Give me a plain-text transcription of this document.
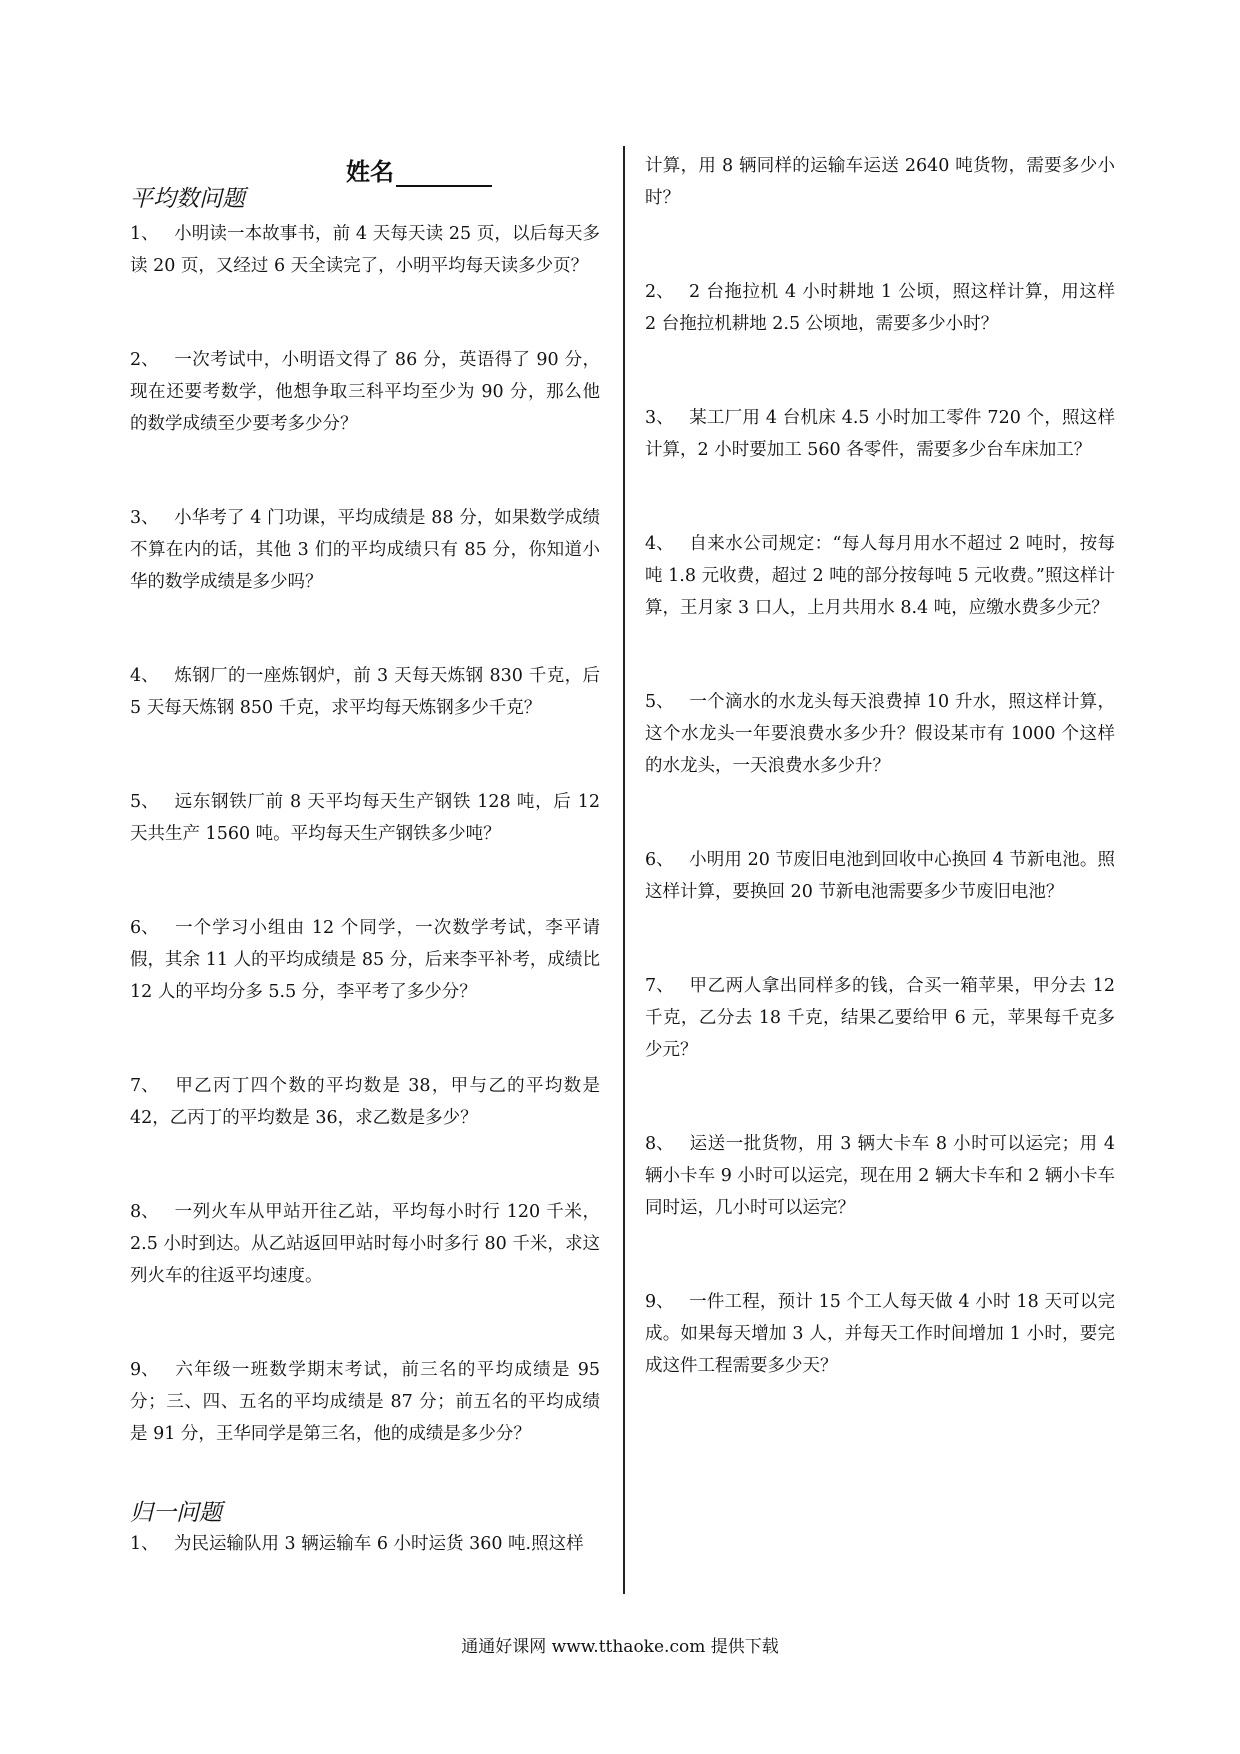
姓名

平均数问题

1、 小明读一本故事书，前 4 天每天读 25 页，以后每天多读 20 页，又经过 6 天全读完了，小明平均每天读多少页？

2、 一次考试中，小明语文得了 86 分，英语得了 90 分，现在还要考数学，他想争取三科平均至少为 90 分，那么他的数学成绩至少要考多少分？

3、 小华考了 4 门功课，平均成绩是 88 分，如果数学成绩不算在内的话，其他 3 们的平均成绩只有 85 分，你知道小华的数学成绩是多少吗？

4、 炼钢厂的一座炼钢炉，前 3 天每天炼钢 830 千克，后 5 天每天炼钢 850 千克，求平均每天炼钢多少千克？

5、 远东钢铁厂前 8 天平均每天生产钢铁 128 吨，后 12 天共生产 1560 吨。平均每天生产钢铁多少吨？

6、 一个学习小组由 12 个同学，一次数学考试，李平请假，其余 11 人的平均成绩是 85 分，后来李平补考，成绩比 12 人的平均分多 5.5 分，李平考了多少分？

7、 甲乙丙丁四个数的平均数是 38，甲与乙的平均数是 42，乙丙丁的平均数是 36，求乙数是多少？

8、 一列火车从甲站开往乙站，平均每小时行 120 千米，2.5 小时到达。从乙站返回甲站时每小时多行 80 千米，求这列火车的往返平均速度。

9、 六年级一班数学期末考试，前三名的平均成绩是 95 分；三、四、五名的平均成绩是 87 分；前五名的平均成绩是 91 分，王华同学是第三名，他的成绩是多少分？

归一问题

1、 为民运输队用 3 辆运输车 6 小时运货 360 吨.照这样

计算，用 8 辆同样的运输车运送 2640 吨货物，需要多少小时？

2、 2 台拖拉机 4 小时耕地 1 公顷，照这样计算，用这样 2 台拖拉机耕地 2.5 公顷地，需要多少小时？

3、 某工厂用 4 台机床 4.5 小时加工零件 720 个，照这样计算，2 小时要加工 560 各零件，需要多少台车床加工？

4、 自来水公司规定：“每人每月用水不超过 2 吨时，按每吨 1.8 元收费，超过 2 吨的部分按每吨 5 元收费。”照这样计算，王月家 3 口人，上月共用水 8.4 吨，应缴水费多少元？

5、 一个滴水的水龙头每天浪费掉 10 升水，照这样计算，这个水龙头一年要浪费水多少升？假设某市有 1000 个这样的水龙头，一天浪费水多少升？

6、 小明用 20 节废旧电池到回收中心换回 4 节新电池。照这样计算，要换回 20 节新电池需要多少节废旧电池？

7、 甲乙两人拿出同样多的钱，合买一箱苹果，甲分去 12 千克，乙分去 18 千克，结果乙要给甲 6 元，苹果每千克多少元？

8、 运送一批货物，用 3 辆大卡车 8 小时可以运完；用 4 辆小卡车 9 小时可以运完，现在用 2 辆大卡车和 2 辆小卡车同时运，几小时可以运完？

9、 一件工程，预计 15 个工人每天做 4 小时 18 天可以完成。如果每天增加 3 人，并每天工作时间增加 1 小时，要完成这件工程需要多少天？

通通好课网 www.tthaoke.com 提供下载
